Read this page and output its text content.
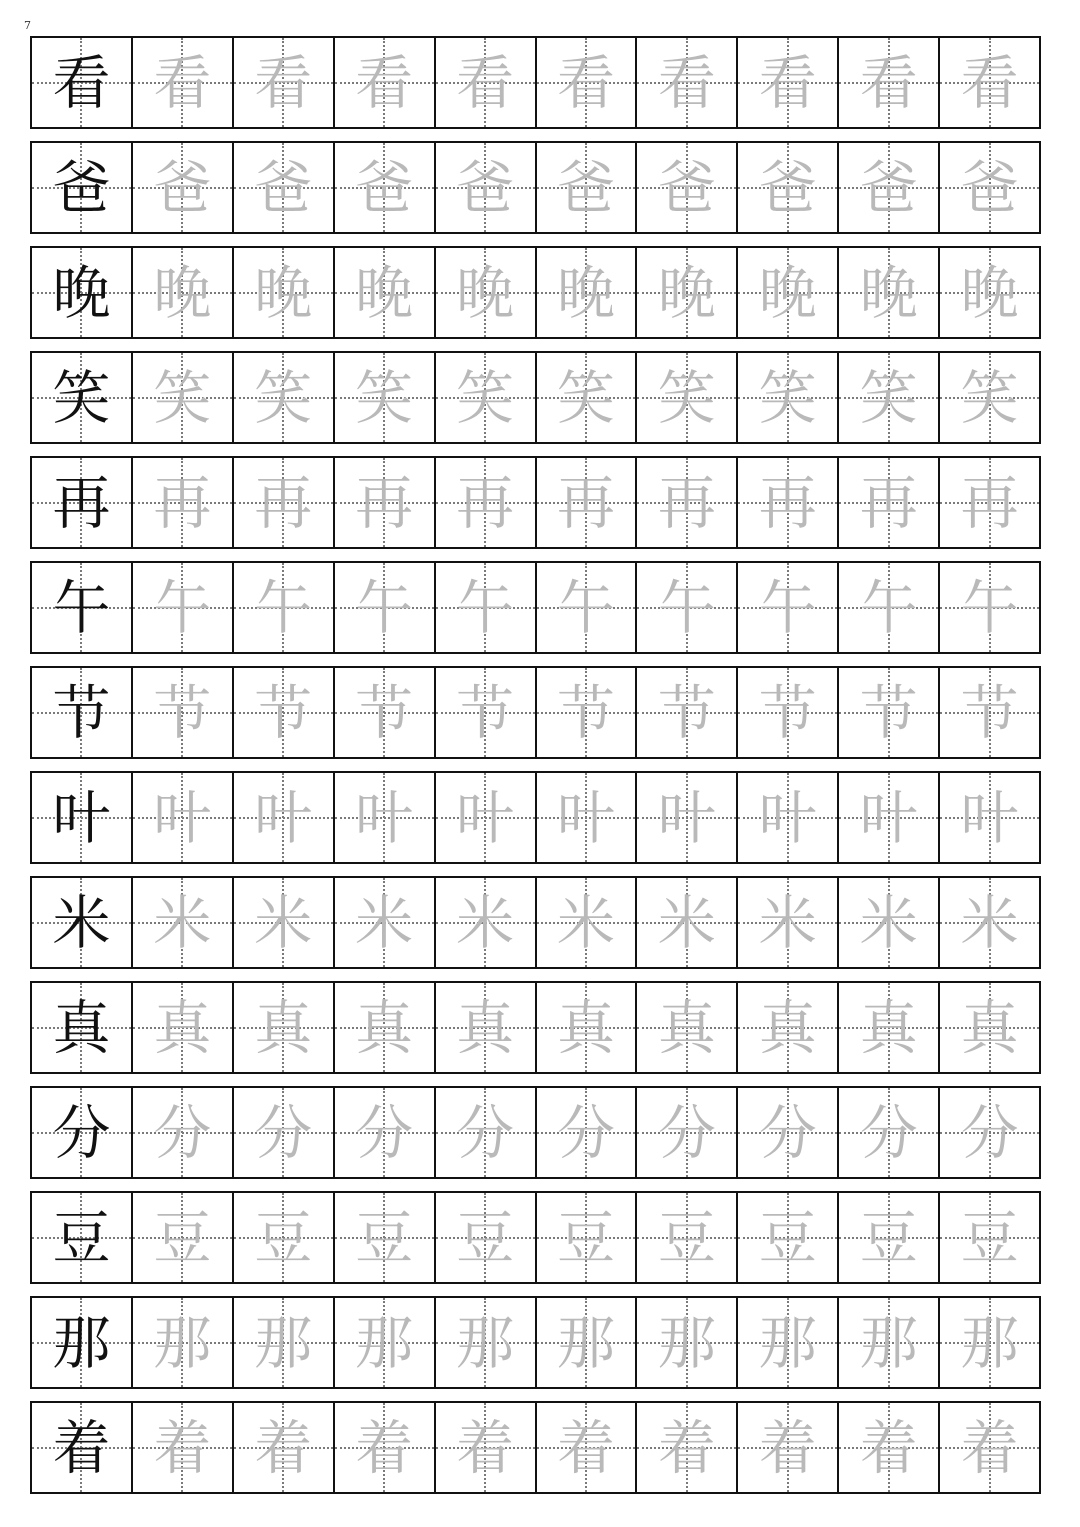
7
看 看 看 看 看 看 看 看 看 看
爸 爸 爸 爸 爸 爸 爸 爸 爸 爸
晚 晚 晚 晚 晚 晚 晚 晚 晚 晚
笑 笑 笑 笑 笑 笑 笑 笑 笑 笑
再 再 再 再 再 再 再 再 再 再
午 午 午 午 午 午 午 午 午 午
节 节 节 节 节 节 节 节 节 节
叶 叶 叶 叶 叶 叶 叶 叶 叶 叶
米 米 米 米 米 米 米 米 米 米
真 真 真 真 真 真 真 真 真 真
分 分 分 分 分 分 分 分 分 分
豆 豆 豆 豆 豆 豆 豆 豆 豆 豆
那 那 那 那 那 那 那 那 那 那
着 着 着 着 着 着 着 着 着 着
